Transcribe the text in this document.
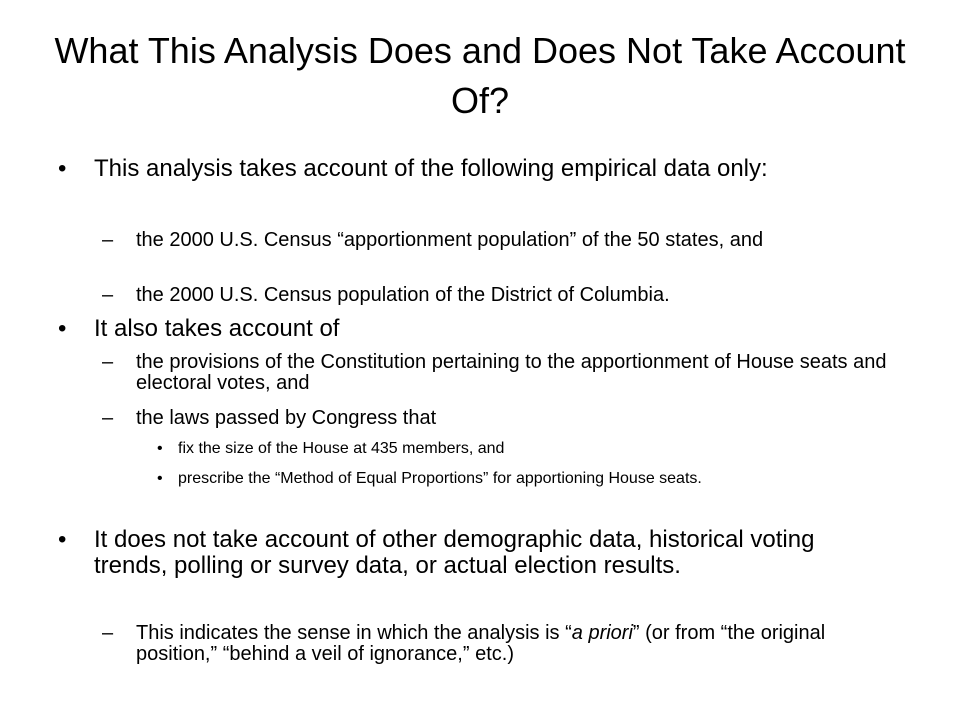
What This Analysis Does and Does Not Take Account Of?
• This analysis takes account of the following empirical data only:
– the 2000 U.S. Census “apportionment population” of the 50 states, and
– the 2000 U.S. Census population of the District of Columbia.
• It also takes account of
– the provisions of the Constitution pertaining to the apportionment of House seats and electoral votes, and
– the laws passed by Congress that
• fix the size of the House at 435 members, and
• prescribe the “Method of Equal Proportions” for apportioning House seats.
• It does not take account of other demographic data, historical voting trends, polling or survey data, or actual election results.
– This indicates the sense in which the analysis is “a priori” (or from “the original position,” “behind a veil of ignorance,” etc.)
